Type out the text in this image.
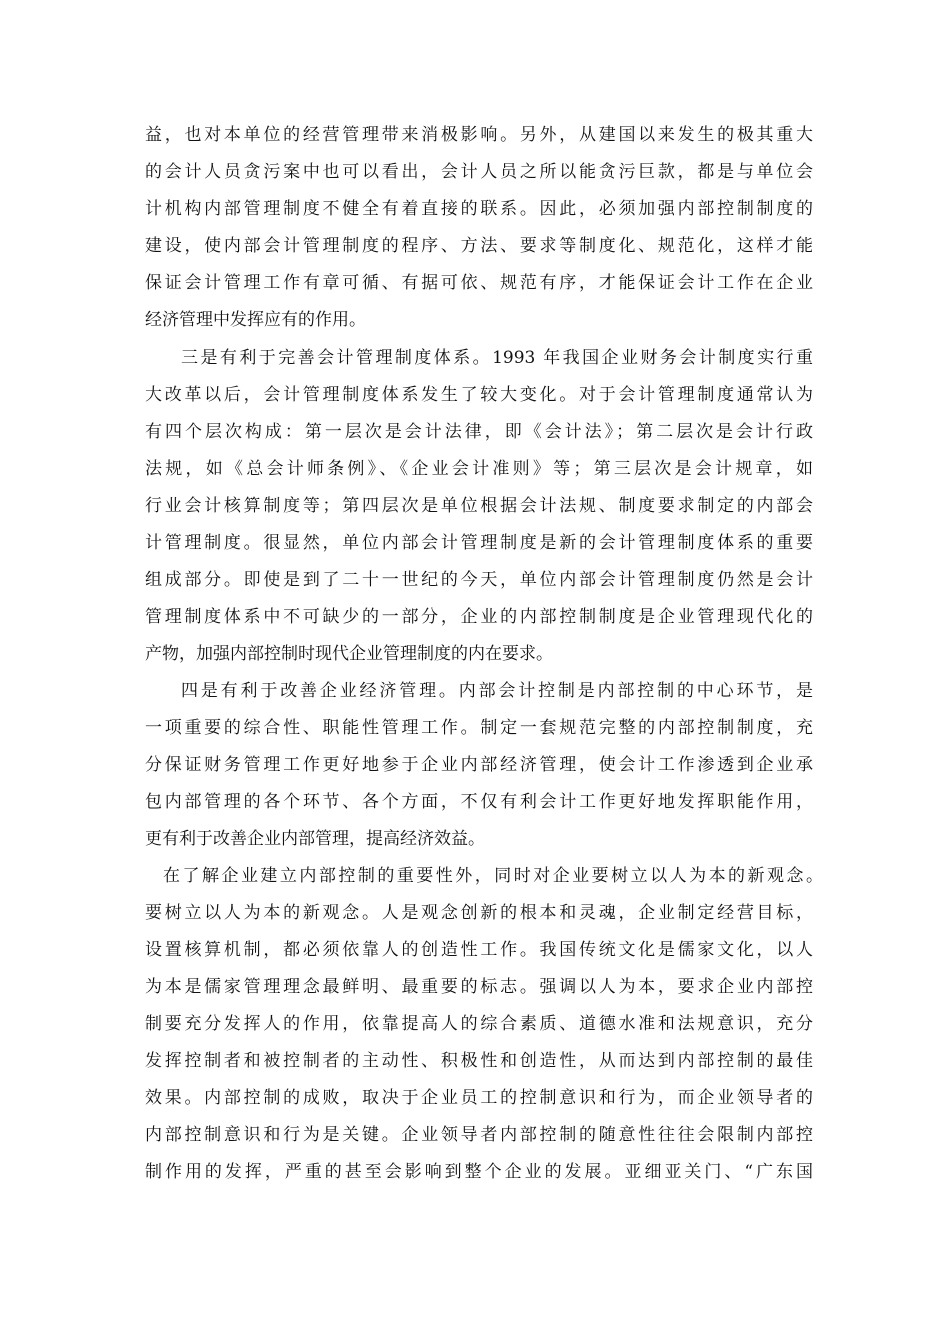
益，也对本单位的经营管理带来消极影响。另外，从建国以来发生的极其重大
的会计人员贪污案中也可以看出，会计人员之所以能贪污巨款，都是与单位会
计机构内部管理制度不健全有着直接的联系。因此，必须加强内部控制制度的
建设，使内部会计管理制度的程序、方法、要求等制度化、规范化，这样才能
保证会计管理工作有章可循、有据可依、规范有序，才能保证会计工作在企业
经济管理中发挥应有的作用。
三是有利于完善会计管理制度体系。1993 年我国企业财务会计制度实行重
大改革以后，会计管理制度体系发生了较大变化。对于会计管理制度通常认为
有四个层次构成：第一层次是会计法律，即《会计法》；第二层次是会计行政
法规，如《总会计师条例》、《企业会计准则》等；第三层次是会计规章，如
行业会计核算制度等；第四层次是单位根据会计法规、制度要求制定的内部会
计管理制度。很显然，单位内部会计管理制度是新的会计管理制度体系的重要
组成部分。即使是到了二十一世纪的今天，单位内部会计管理制度仍然是会计
管理制度体系中不可缺少的一部分，企业的内部控制制度是企业管理现代化的
产物，加强内部控制时现代企业管理制度的内在要求。
四是有利于改善企业经济管理。内部会计控制是内部控制的中心环节，是
一项重要的综合性、职能性管理工作。制定一套规范完整的内部控制制度，充
分保证财务管理工作更好地参于企业内部经济管理，使会计工作渗透到企业承
包内部管理的各个环节、各个方面，不仅有利会计工作更好地发挥职能作用，
更有利于改善企业内部管理，提高经济效益。
在了解企业建立内部控制的重要性外，同时对企业要树立以人为本的新观念。
要树立以人为本的新观念。人是观念创新的根本和灵魂，企业制定经营目标，
设置核算机制，都必须依靠人的创造性工作。我国传统文化是儒家文化，以人
为本是儒家管理理念最鲜明、最重要的标志。强调以人为本，要求企业内部控
制要充分发挥人的作用，依靠提高人的综合素质、道德水准和法规意识，充分
发挥控制者和被控制者的主动性、积极性和创造性，从而达到内部控制的最佳
效果。内部控制的成败，取决于企业员工的控制意识和行为，而企业领导者的
内部控制意识和行为是关键。企业领导者内部控制的随意性往往会限制内部控
制作用的发挥，严重的甚至会影响到整个企业的发展。亚细亚关门、“广东国
